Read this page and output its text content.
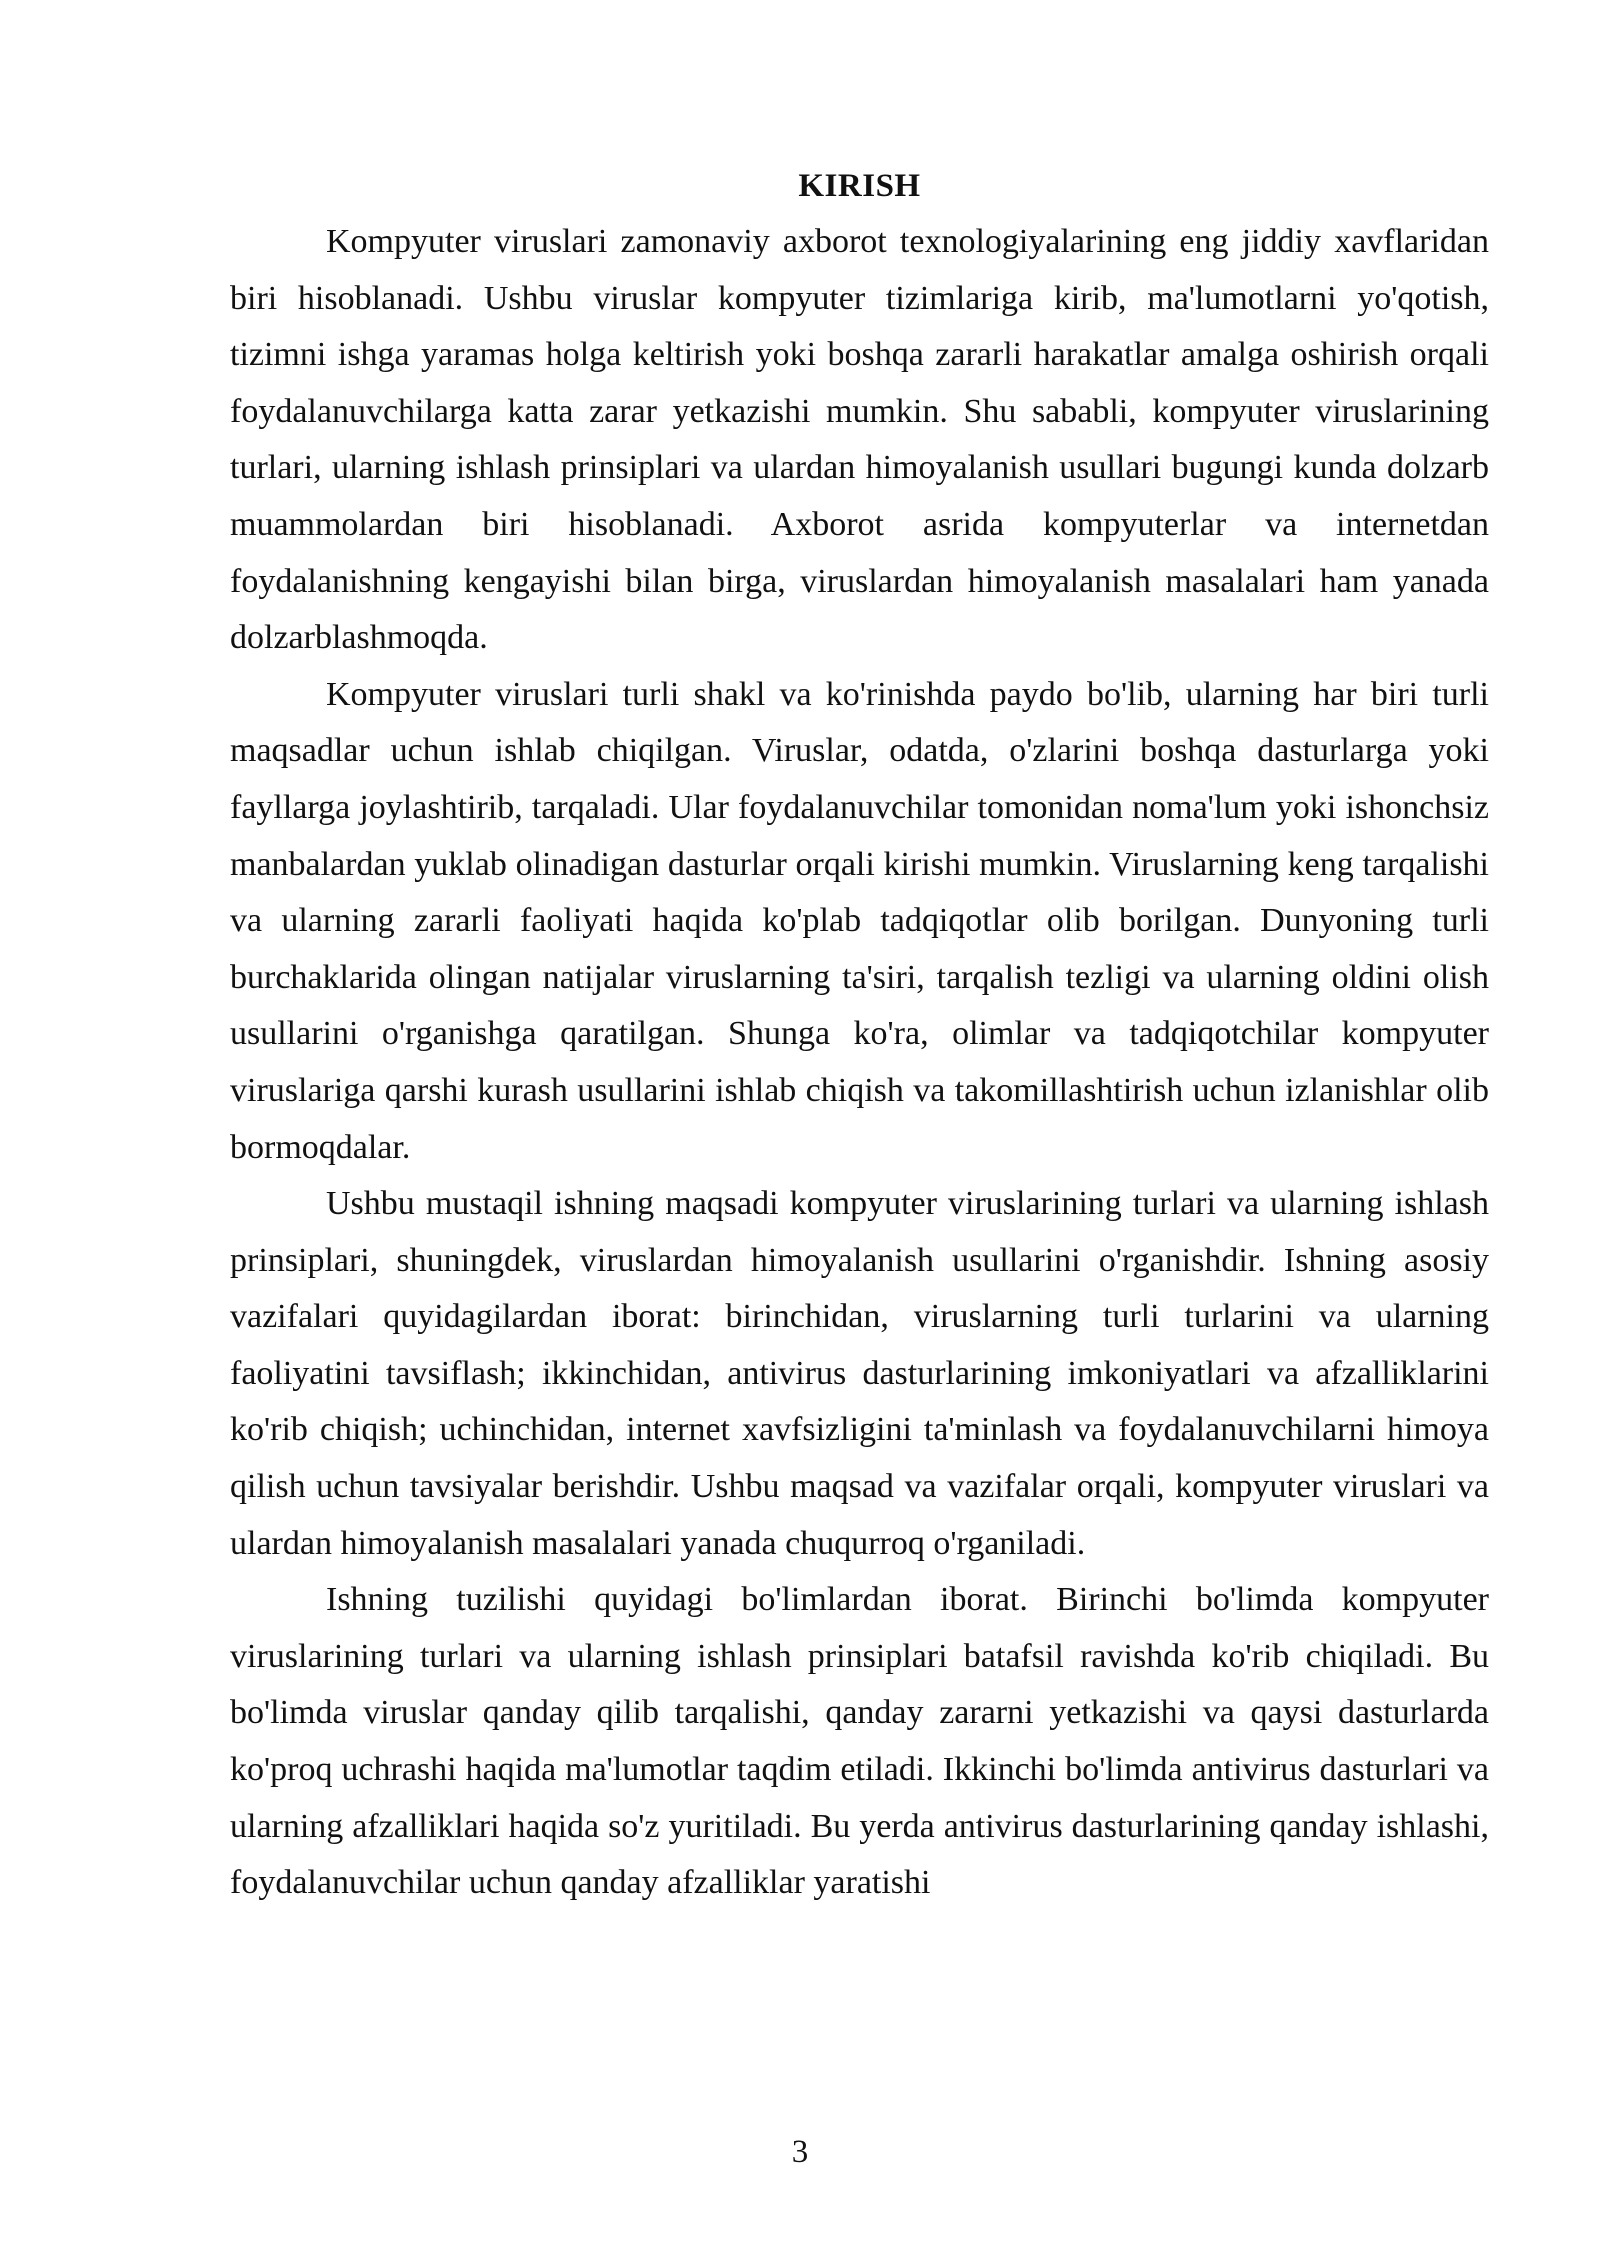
KIRISH

Kompyuter viruslari zamonaviy axborot texnologiyalarining eng jiddiy xavflaridan biri hisoblanadi. Ushbu viruslar kompyuter tizimlariga kirib, ma'lumotlarni yo'qotish, tizimni ishga yaramas holga keltirish yoki boshqa zararli harakatlar amalga oshirish orqali foydalanuvchilarga katta zarar yetkazishi mumkin. Shu sababli, kompyuter viruslarining turlari, ularning ishlash prinsiplari va ulardan himoyalanish usullari bugungi kunda dolzarb muammolardan biri hisoblanadi. Axborot asrida kompyuterlar va internetdan foydalanishning kengayishi bilan birga, viruslardan himoyalanish masalalari ham yanada dolzarblashmoqda.

Kompyuter viruslari turli shakl va ko'rinishda paydo bo'lib, ularning har biri turli maqsadlar uchun ishlab chiqilgan. Viruslar, odatda, o'zlarini boshqa dasturlarga yoki fayllarga joylashtirib, tarqaladi. Ular foydalanuvchilar tomonidan noma'lum yoki ishonchsiz manbalardan yuklab olinadigan dasturlar orqali kirishi mumkin. Viruslarning keng tarqalishi va ularning zararli faoliyati haqida ko'plab tadqiqotlar olib borilgan. Dunyoning turli burchaklarida olingan natijalar viruslarning ta'siri, tarqalish tezligi va ularning oldini olish usullarini o'rganishga qaratilgan. Shunga ko'ra, olimlar va tadqiqotchilar kompyuter viruslariga qarshi kurash usullarini ishlab chiqish va takomillashtirish uchun izlanishlar olib bormoqdalar.

Ushbu mustaqil ishning maqsadi kompyuter viruslarining turlari va ularning ishlash prinsiplari, shuningdek, viruslardan himoyalanish usullarini o'rganishdir. Ishning asosiy vazifalari quyidagilardan iborat: birinchidan, viruslarning turli turlarini va ularning faoliyatini tavsiflash; ikkinchidan, antivirus dasturlarining imkoniyatlari va afzalliklarini ko'rib chiqish; uchinchidan, internet xavfsizligini ta'minlash va foydalanuvchilarni himoya qilish uchun tavsiyalar berishdir. Ushbu maqsad va vazifalar orqali, kompyuter viruslari va ulardan himoyalanish masalalari yanada chuqurroq o'rganiladi.

Ishning tuzilishi quyidagi bo'limlardan iborat. Birinchi bo'limda kompyuter viruslarining turlari va ularning ishlash prinsiplari batafsil ravishda ko'rib chiqiladi. Bu bo'limda viruslar qanday qilib tarqalishi, qanday zararni yetkazishi va qaysi dasturlarda ko'proq uchrashi haqida ma'lumotlar taqdim etiladi. Ikkinchi bo'limda antivirus dasturlari va ularning afzalliklari haqida so'z yuritiladi. Bu yerda antivirus dasturlarining qanday ishlashi, foydalanuvchilar uchun qanday afzalliklar yaratishi

3
